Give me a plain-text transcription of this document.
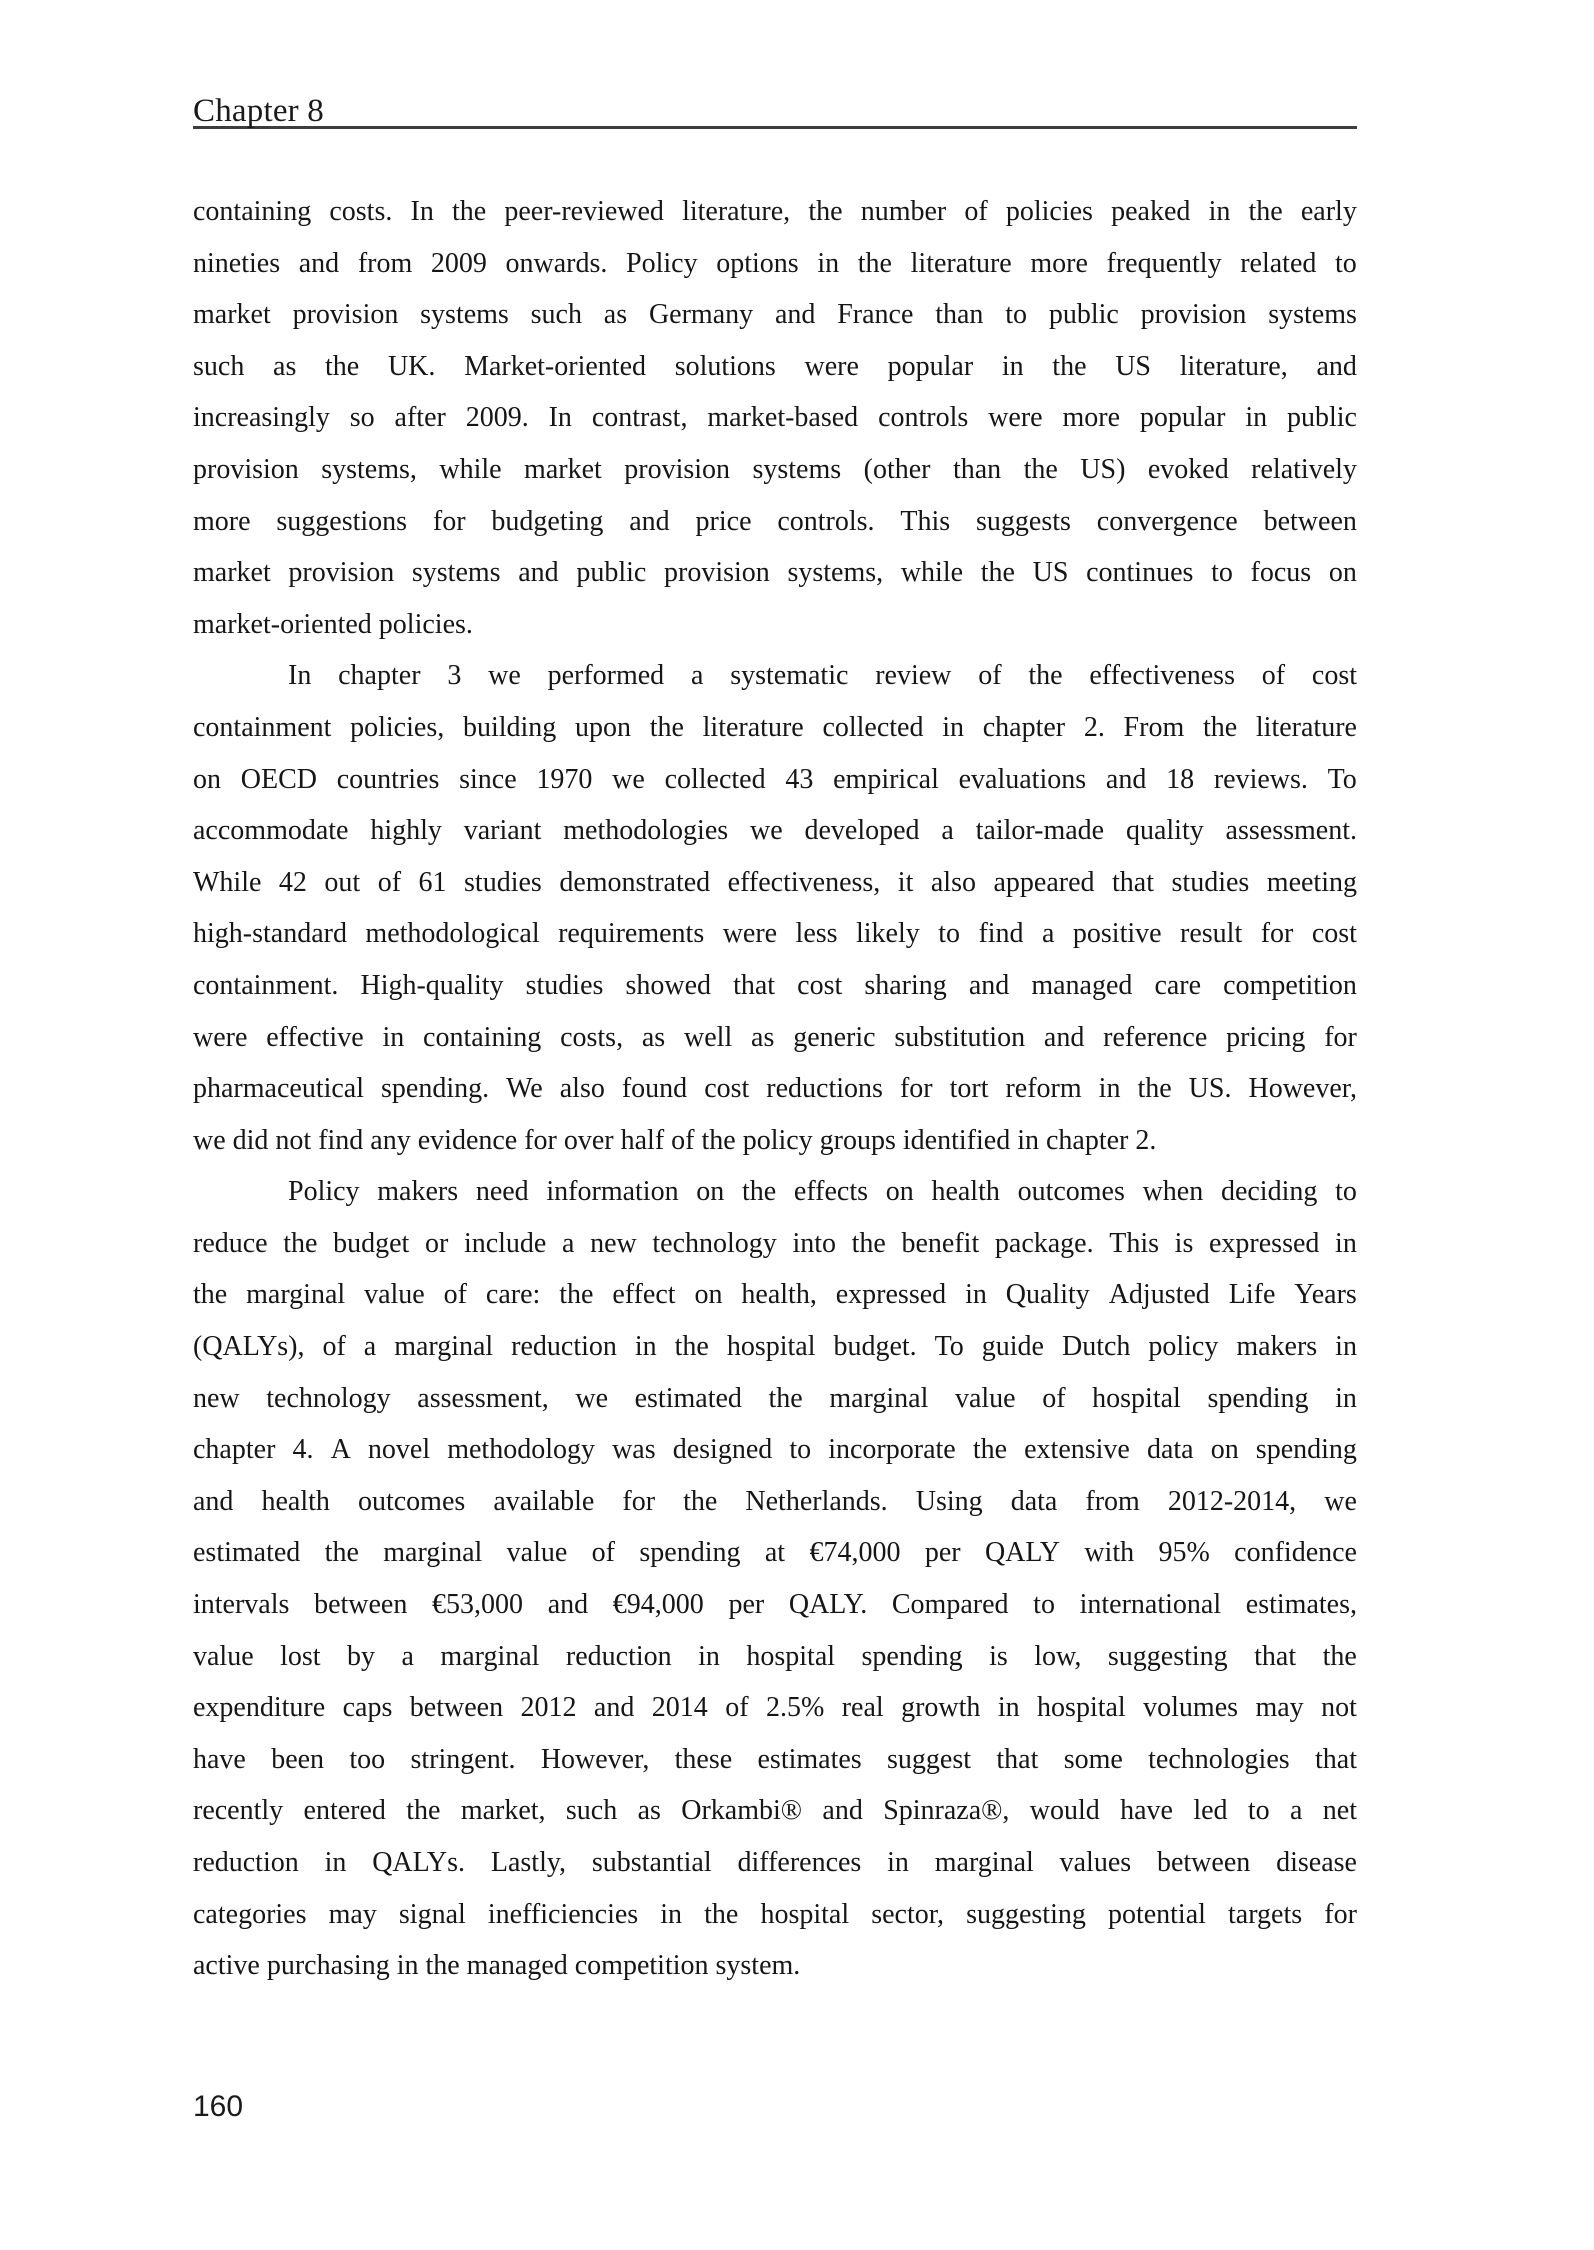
Chapter 8
containing costs. In the peer-reviewed literature, the number of policies peaked in the early
nineties and from 2009 onwards. Policy options in the literature more frequently related to
market provision systems such as Germany and France than to public provision systems
such as the UK. Market-oriented solutions were popular in the US literature, and
increasingly so after 2009. In contrast, market-based controls were more popular in public
provision systems, while market provision systems (other than the US) evoked relatively
more suggestions for budgeting and price controls. This suggests convergence between
market provision systems and public provision systems, while the US continues to focus on
market-oriented policies.
In chapter 3 we performed a systematic review of the effectiveness of cost
containment policies, building upon the literature collected in chapter 2. From the literature
on OECD countries since 1970 we collected 43 empirical evaluations and 18 reviews. To
accommodate highly variant methodologies we developed a tailor-made quality assessment.
While 42 out of 61 studies demonstrated effectiveness, it also appeared that studies meeting
high-standard methodological requirements were less likely to find a positive result for cost
containment. High-quality studies showed that cost sharing and managed care competition
were effective in containing costs, as well as generic substitution and reference pricing for
pharmaceutical spending. We also found cost reductions for tort reform in the US. However,
we did not find any evidence for over half of the policy groups identified in chapter 2.
Policy makers need information on the effects on health outcomes when deciding to
reduce the budget or include a new technology into the benefit package. This is expressed in
the marginal value of care: the effect on health, expressed in Quality Adjusted Life Years
(QALYs), of a marginal reduction in the hospital budget. To guide Dutch policy makers in
new technology assessment, we estimated the marginal value of hospital spending in
chapter 4. A novel methodology was designed to incorporate the extensive data on spending
and health outcomes available for the Netherlands. Using data from 2012-2014, we
estimated the marginal value of spending at €74,000 per QALY with 95% confidence
intervals between €53,000 and €94,000 per QALY. Compared to international estimates,
value lost by a marginal reduction in hospital spending is low, suggesting that the
expenditure caps between 2012 and 2014 of 2.5% real growth in hospital volumes may not
have been too stringent. However, these estimates suggest that some technologies that
recently entered the market, such as Orkambi® and Spinraza®, would have led to a net
reduction in QALYs. Lastly, substantial differences in marginal values between disease
categories may signal inefficiencies in the hospital sector, suggesting potential targets for
active purchasing in the managed competition system.
160
